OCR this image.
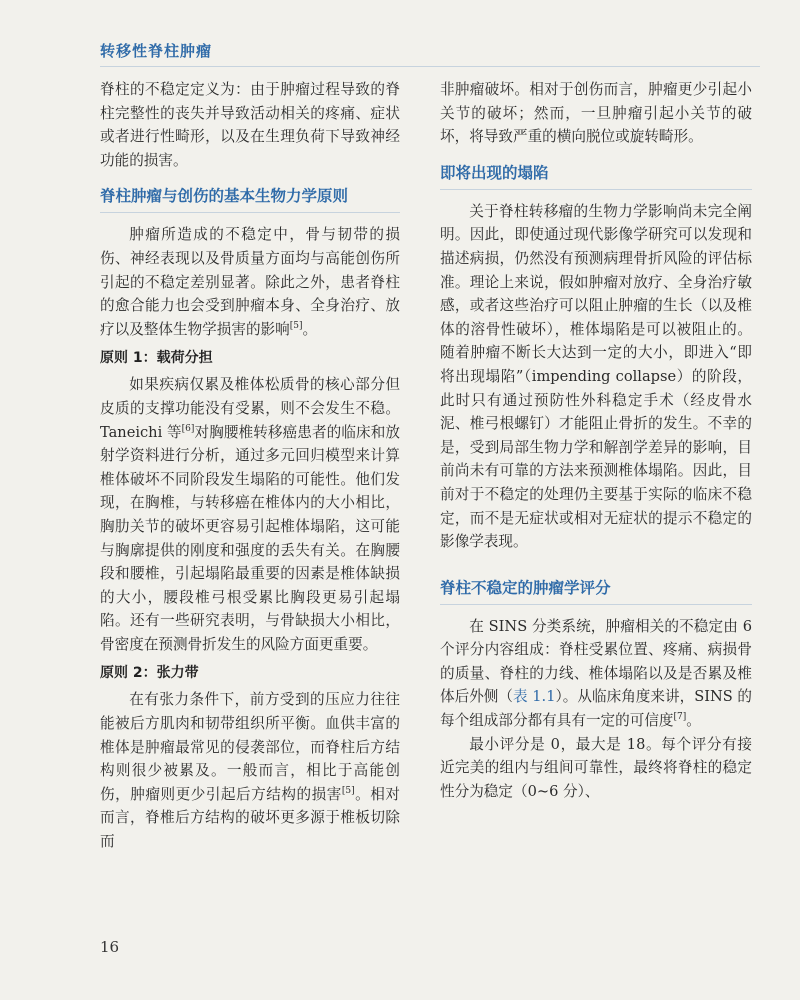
转移性脊柱肿瘤

脊柱的不稳定定义为：由于肿瘤过程导致的脊柱完整性的丧失并导致活动相关的疼痛、症状或者进行性畸形，以及在生理负荷下导致神经功能的损害。

脊柱肿瘤与创伤的基本生物力学原则

肿瘤所造成的不稳定中，骨与韧带的损伤、神经表现以及骨质量方面均与高能创伤所引起的不稳定差别显著。除此之外，患者脊柱的愈合能力也会受到肿瘤本身、全身治疗、放疗以及整体生物学损害的影响[5]。

原则 1：载荷分担

如果疾病仅累及椎体松质骨的核心部分但皮质的支撑功能没有受累，则不会发生不稳。Taneichi 等[6]对胸腰椎转移癌患者的临床和放射学资料进行分析，通过多元回归模型来计算椎体破坏不同阶段发生塌陷的可能性。他们发现，在胸椎，与转移癌在椎体内的大小相比，胸肋关节的破坏更容易引起椎体塌陷，这可能与胸廓提供的刚度和强度的丢失有关。在胸腰段和腰椎，引起塌陷最重要的因素是椎体缺损的大小，腰段椎弓根受累比胸段更易引起塌陷。还有一些研究表明，与骨缺损大小相比，骨密度在预测骨折发生的风险方面更重要。

原则 2：张力带

在有张力条件下，前方受到的压应力往往能被后方肌肉和韧带组织所平衡。血供丰富的椎体是肿瘤最常见的侵袭部位，而脊柱后方结构则很少被累及。一般而言，相比于高能创伤，肿瘤则更少引起后方结构的损害[5]。相对而言，脊椎后方结构的破坏更多源于椎板切除而

非肿瘤破坏。相对于创伤而言，肿瘤更少引起小关节的破坏；然而，一旦肿瘤引起小关节的破坏，将导致严重的横向脱位或旋转畸形。

即将出现的塌陷

关于脊柱转移瘤的生物力学影响尚未完全阐明。因此，即使通过现代影像学研究可以发现和描述病损，仍然没有预测病理骨折风险的评估标准。理论上来说，假如肿瘤对放疗、全身治疗敏感，或者这些治疗可以阻止肿瘤的生长（以及椎体的溶骨性破坏），椎体塌陷是可以被阻止的。随着肿瘤不断长大达到一定的大小，即进入“即将出现塌陷”（impending collapse）的阶段，此时只有通过预防性外科稳定手术（经皮骨水泥、椎弓根螺钉）才能阻止骨折的发生。不幸的是，受到局部生物力学和解剖学差异的影响，目前尚未有可靠的方法来预测椎体塌陷。因此，目前对于不稳定的处理仍主要基于实际的临床不稳定，而不是无症状或相对无症状的提示不稳定的影像学表现。

脊柱不稳定的肿瘤学评分

在 SINS 分类系统，肿瘤相关的不稳定由 6 个评分内容组成：脊柱受累位置、疼痛、病损骨的质量、脊柱的力线、椎体塌陷以及是否累及椎体后外侧（表 1.1）。从临床角度来讲，SINS 的每个组成部分都有具有一定的可信度[7]。

最小评分是 0，最大是 18。每个评分有接近完美的组内与组间可靠性，最终将脊柱的稳定性分为稳定（0~6 分）、

16
